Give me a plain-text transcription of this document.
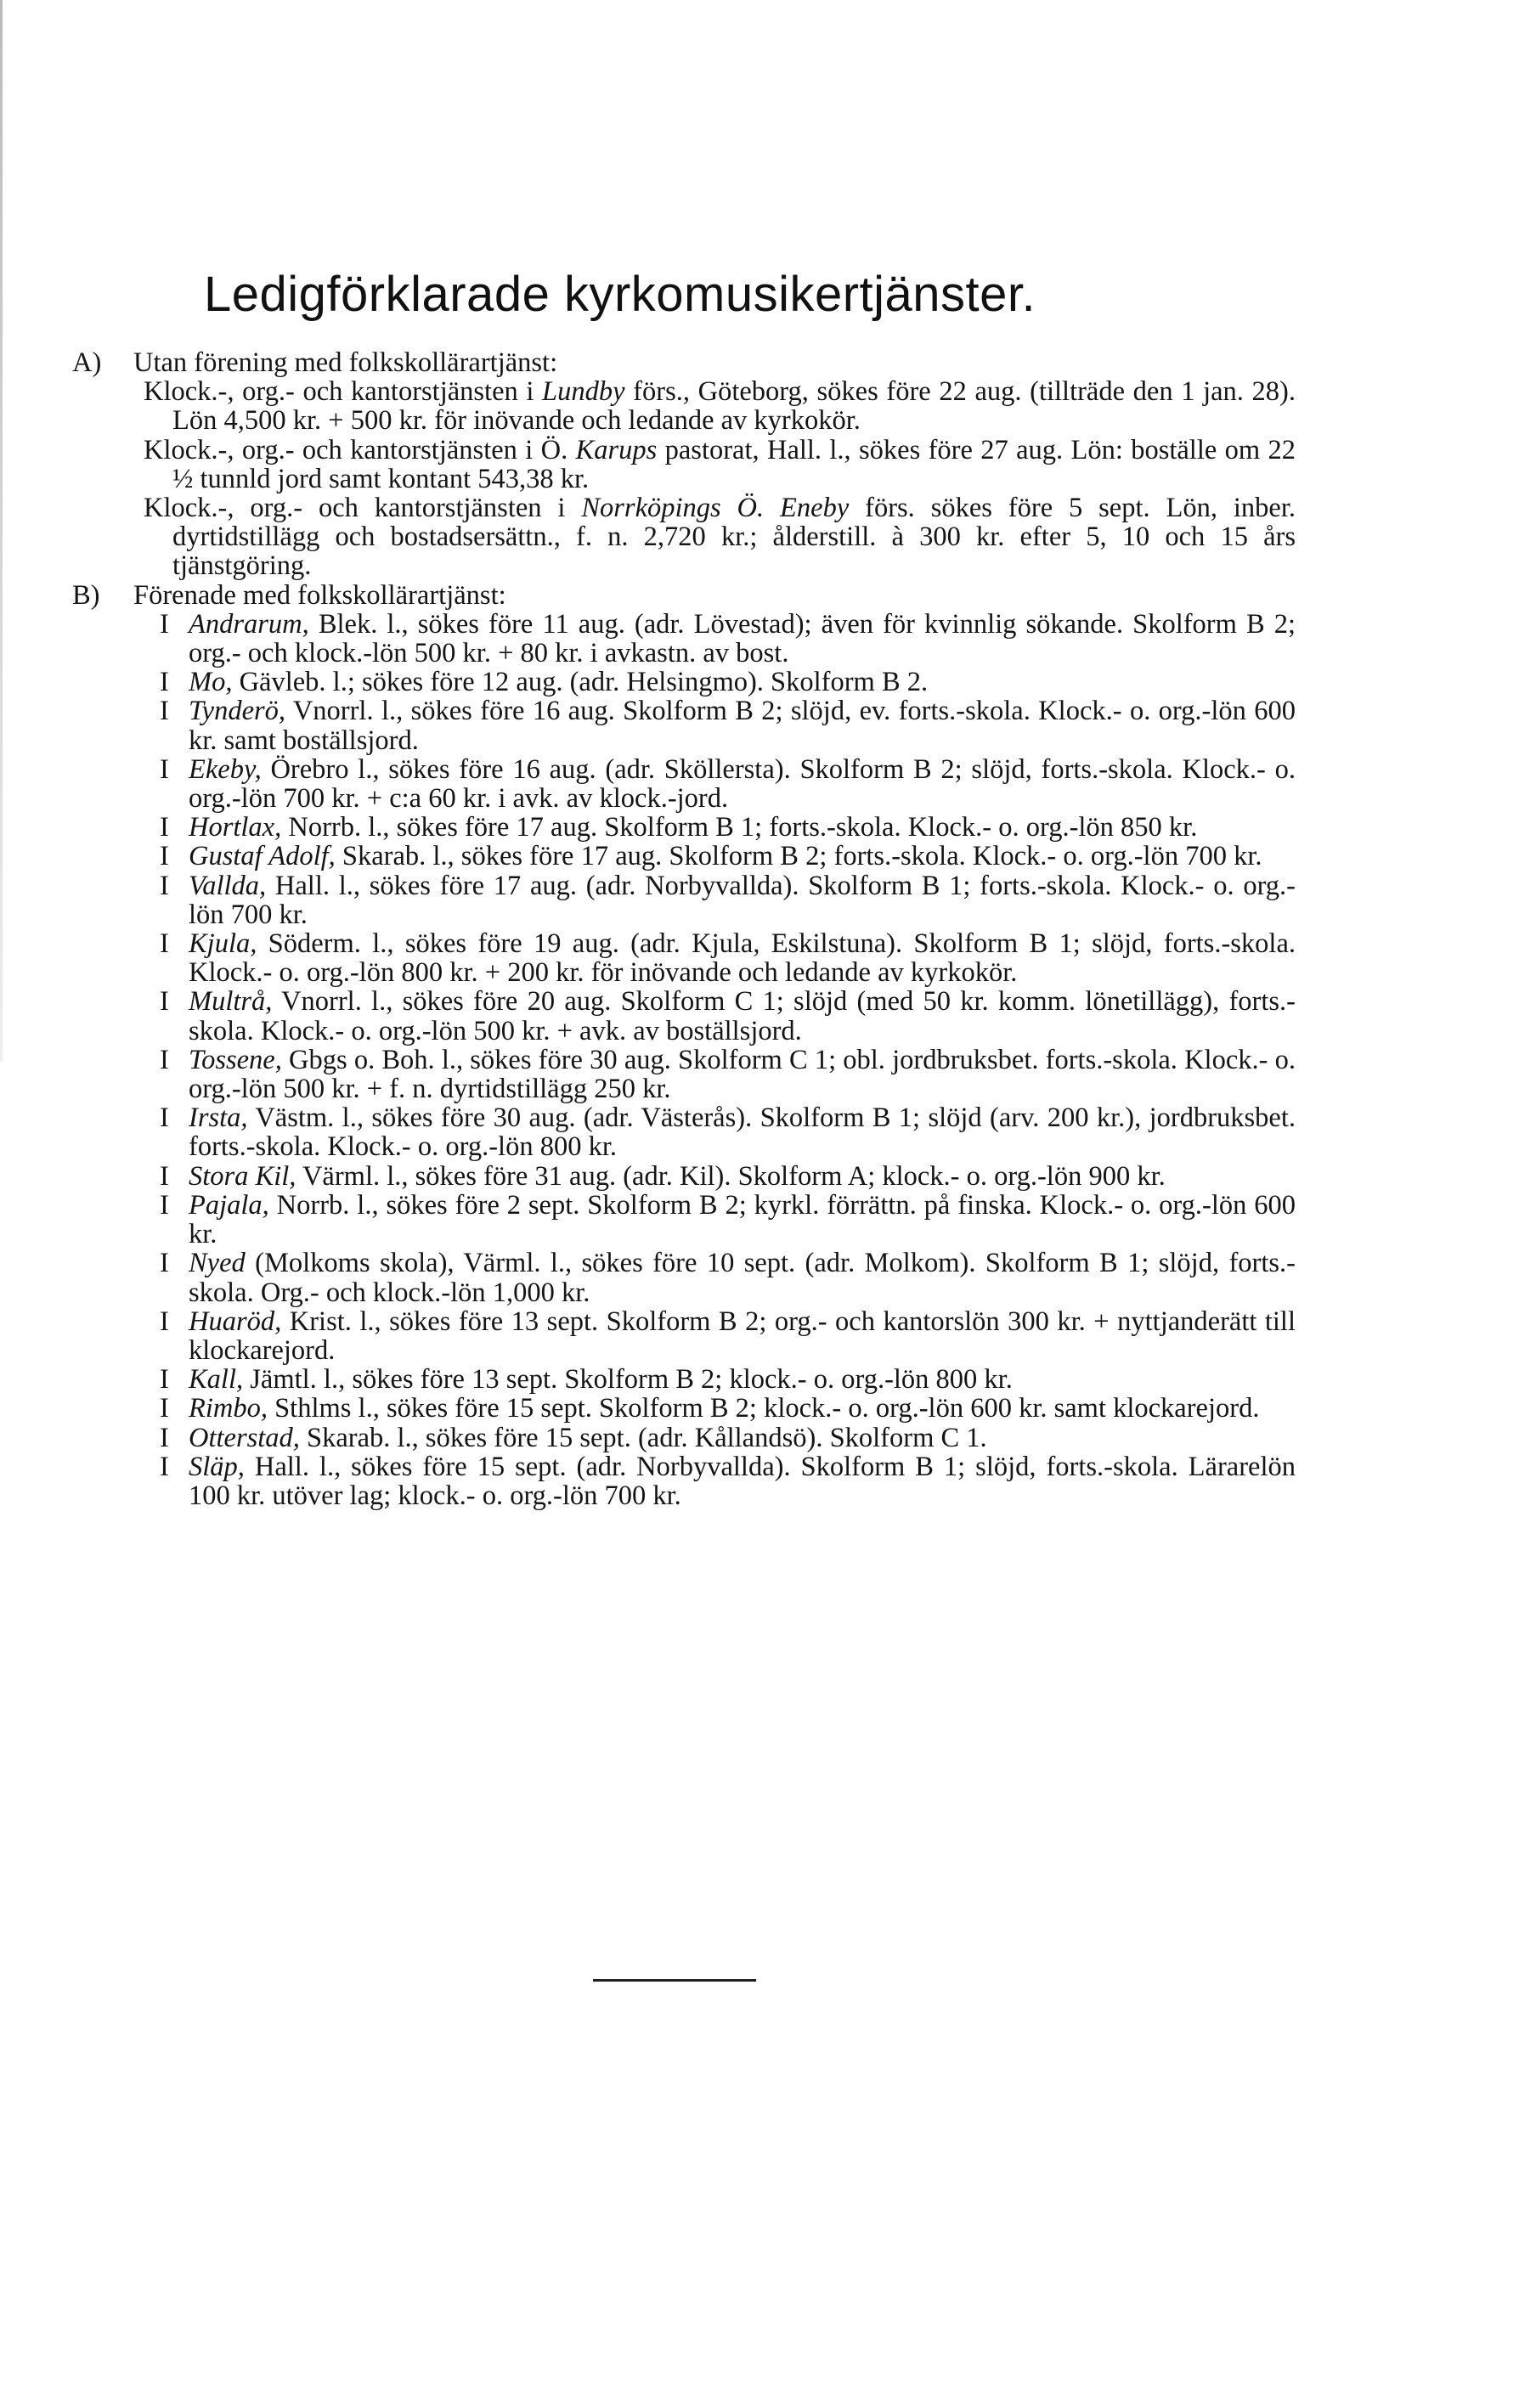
Ledigförklarade kyrkomusikertjänster.
A) Utan förening med folkskollärartjänst:
Klock.-, org.- och kantorstjänsten i Lundby förs., Göteborg, sökes före 22 aug. (tillträde den 1 jan. 28). Lön 4,500 kr. + 500 kr. för inövande och ledande av kyrkokör.
Klock.-, org.- och kantorstjänsten i Ö. Karups pastorat, Hall. l., sökes före 27 aug. Lön: boställe om 22 ½ tunnld jord samt kontant 543,38 kr.
Klock.-, org.- och kantorstjänsten i Norrköpings Ö. Eneby förs. sökes före 5 sept. Lön, inber. dyrtidstillägg och bostadsersättn., f. n. 2,720 kr.; ålderstill. à 300 kr. efter 5, 10 och 15 års tjänstgöring.
B) Förenade med folkskollärartjänst:
I Andrarum, Blek. l., sökes före 11 aug. (adr. Lövestad); även för kvinnlig sökande. Skolform B 2; org.- och klock.-lön 500 kr. + 80 kr. i avkastn. av bost.
I Mo, Gävleb. l.; sökes före 12 aug. (adr. Helsingmo). Skolform B 2.
I Tynderö, Vnorrl. l., sökes före 16 aug. Skolform B 2; slöjd, ev. forts.-skola. Klock.- o. org.-lön 600 kr. samt boställsjord.
I Ekeby, Örebro l., sökes före 16 aug. (adr. Sköllersta). Skolform B 2; slöjd, forts.-skola. Klock.- o. org.-lön 700 kr. + c:a 60 kr. i avk. av klock.-jord.
I Hortlax, Norrb. l., sökes före 17 aug. Skolform B 1; forts.-skola. Klock.- o. org.-lön 850 kr.
I Gustaf Adolf, Skarab. l., sökes före 17 aug. Skolform B 2; forts.-skola. Klock.- o. org.-lön 700 kr.
I Vallda, Hall. l., sökes före 17 aug. (adr. Norbyvallda). Skolform B 1; forts.-skola. Klock.- o. org.-lön 700 kr.
I Kjula, Söderm. l., sökes före 19 aug. (adr. Kjula, Eskilstuna). Skolform B 1; slöjd, forts.-skola. Klock.- o. org.-lön 800 kr. + 200 kr. för inövande och ledande av kyrkokör.
I Multrå, Vnorrl. l., sökes före 20 aug. Skolform C 1; slöjd (med 50 kr. komm. lönetillägg), forts.-skola. Klock.- o. org.-lön 500 kr. + avk. av boställsjord.
I Tossene, Gbgs o. Boh. l., sökes före 30 aug. Skolform C 1; obl. jordbruksbet. forts.-skola. Klock.- o. org.-lön 500 kr. + f. n. dyrtidstillägg 250 kr.
I Irsta, Västm. l., sökes före 30 aug. (adr. Västerås). Skolform B 1; slöjd (arv. 200 kr.), jordbruksbet. forts.-skola. Klock.- o. org.-lön 800 kr.
I Stora Kil, Värml. l., sökes före 31 aug. (adr. Kil). Skolform A; klock.- o. org.-lön 900 kr.
I Pajala, Norrb. l., sökes före 2 sept. Skolform B 2; kyrkl. förrättn. på finska. Klock.- o. org.-lön 600 kr.
I Nyed (Molkoms skola), Värml. l., sökes före 10 sept. (adr. Molkom). Skolform B 1; slöjd, forts.-skola. Org.- och klock.-lön 1,000 kr.
I Huaröd, Krist. l., sökes före 13 sept. Skolform B 2; org.- och kantorslön 300 kr. + nyttjanderätt till klockarejord.
I Kall, Jämtl. l., sökes före 13 sept. Skolform B 2; klock.- o. org.-lön 800 kr.
I Rimbo, Sthlms l., sökes före 15 sept. Skolform B 2; klock.- o. org.-lön 600 kr. samt klockarejord.
I Otterstad, Skarab. l., sökes före 15 sept. (adr. Kållandsö). Skolform C 1.
I Släp, Hall. l., sökes före 15 sept. (adr. Norbyvallda). Skolform B 1; slöjd, forts.-skola. Lärarelön 100 kr. utöver lag; klock.- o. org.-lön 700 kr.
